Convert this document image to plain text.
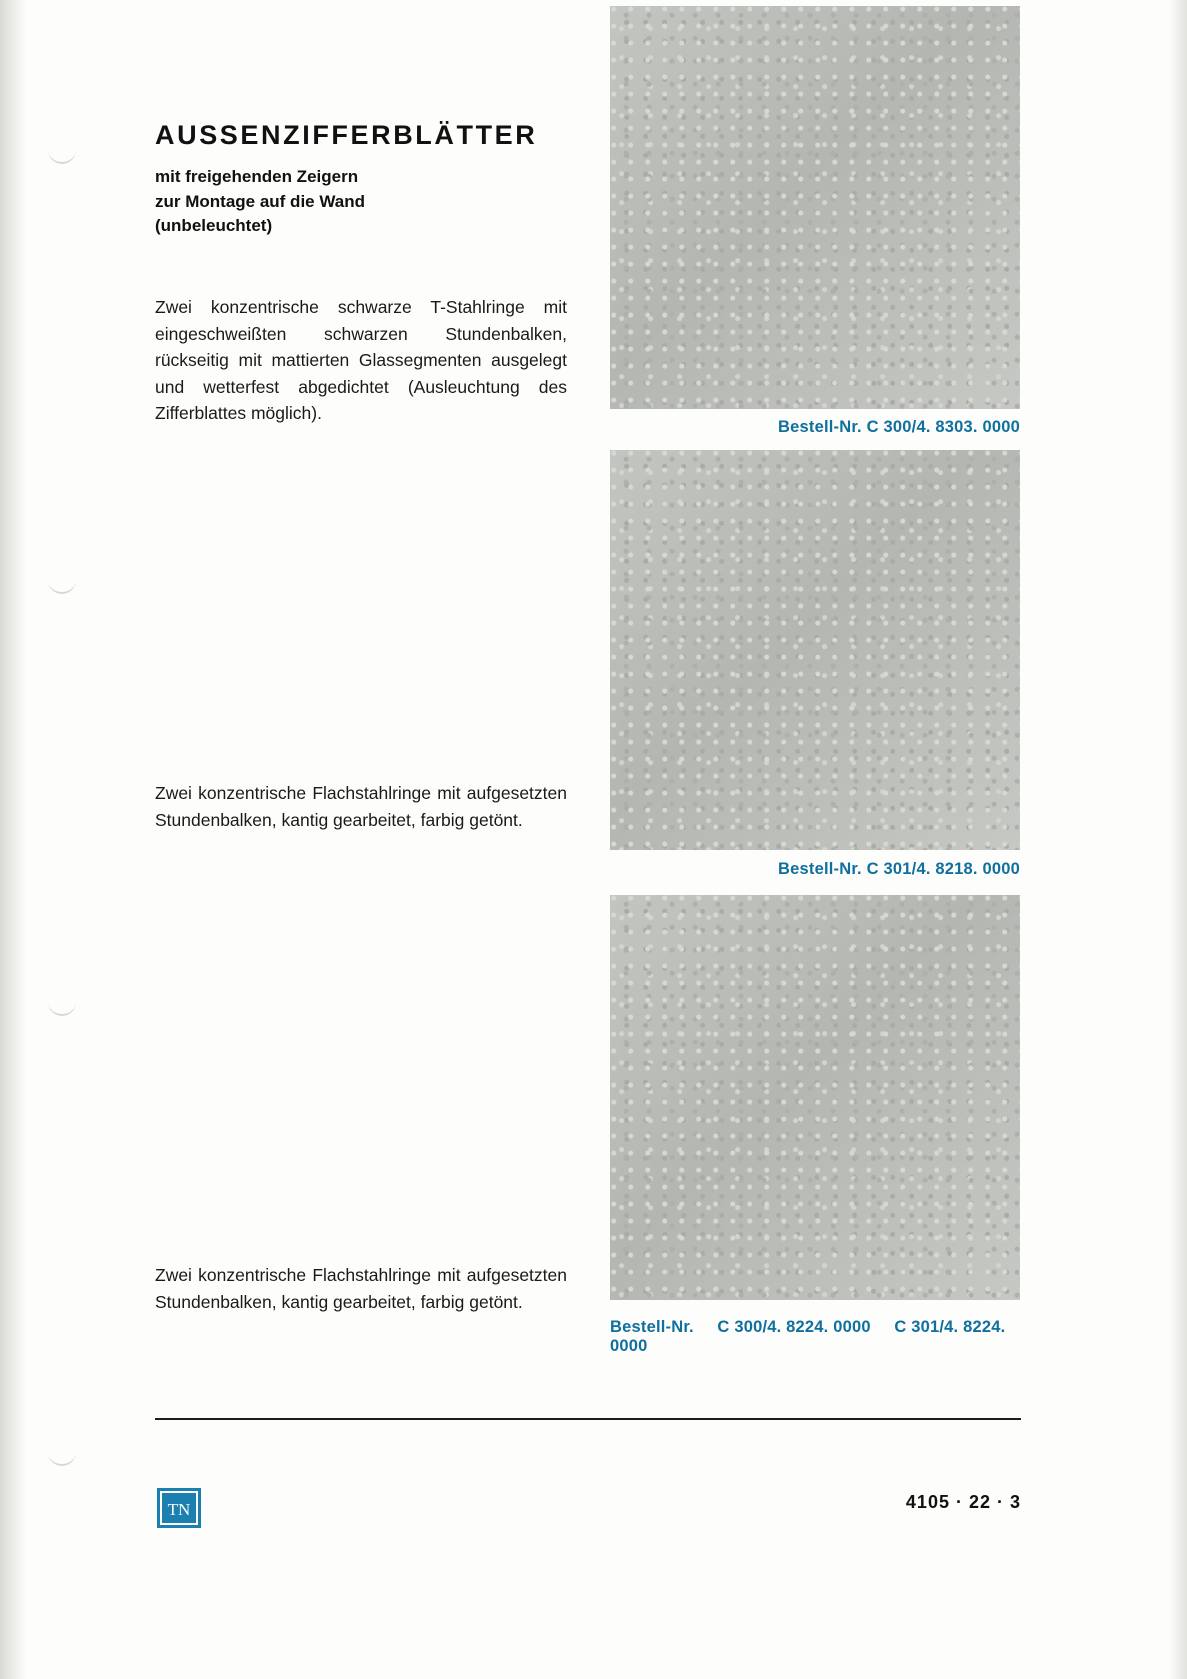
AUSSENZIFFERBLÄTTER
mit freigehenden Zeigern
zur Montage auf die Wand
(unbeleuchtet)
Zwei konzentrische schwarze T-Stahlringe mit eingeschweißten schwarzen Stundenbalken, rückseitig mit mattierten Glassegmenten ausgelegt und wetterfest abgedichtet (Ausleuchtung des Zifferblattes möglich).
Zwei konzentrische Flachstahlringe mit aufgesetzten Stundenbalken, kantig gearbeitet, farbig getönt.
Zwei konzentrische Flachstahlringe mit aufgesetzten Stundenbalken, kantig gearbeitet, farbig getönt.
Bestell-Nr. C 300/4. 8303. 0000
Bestell-Nr. C 301/4. 8218. 0000
Bestell-Nr. C 300/4. 8224. 0000 C 301/4. 8224. 0000
TN	4105 · 22 · 3
